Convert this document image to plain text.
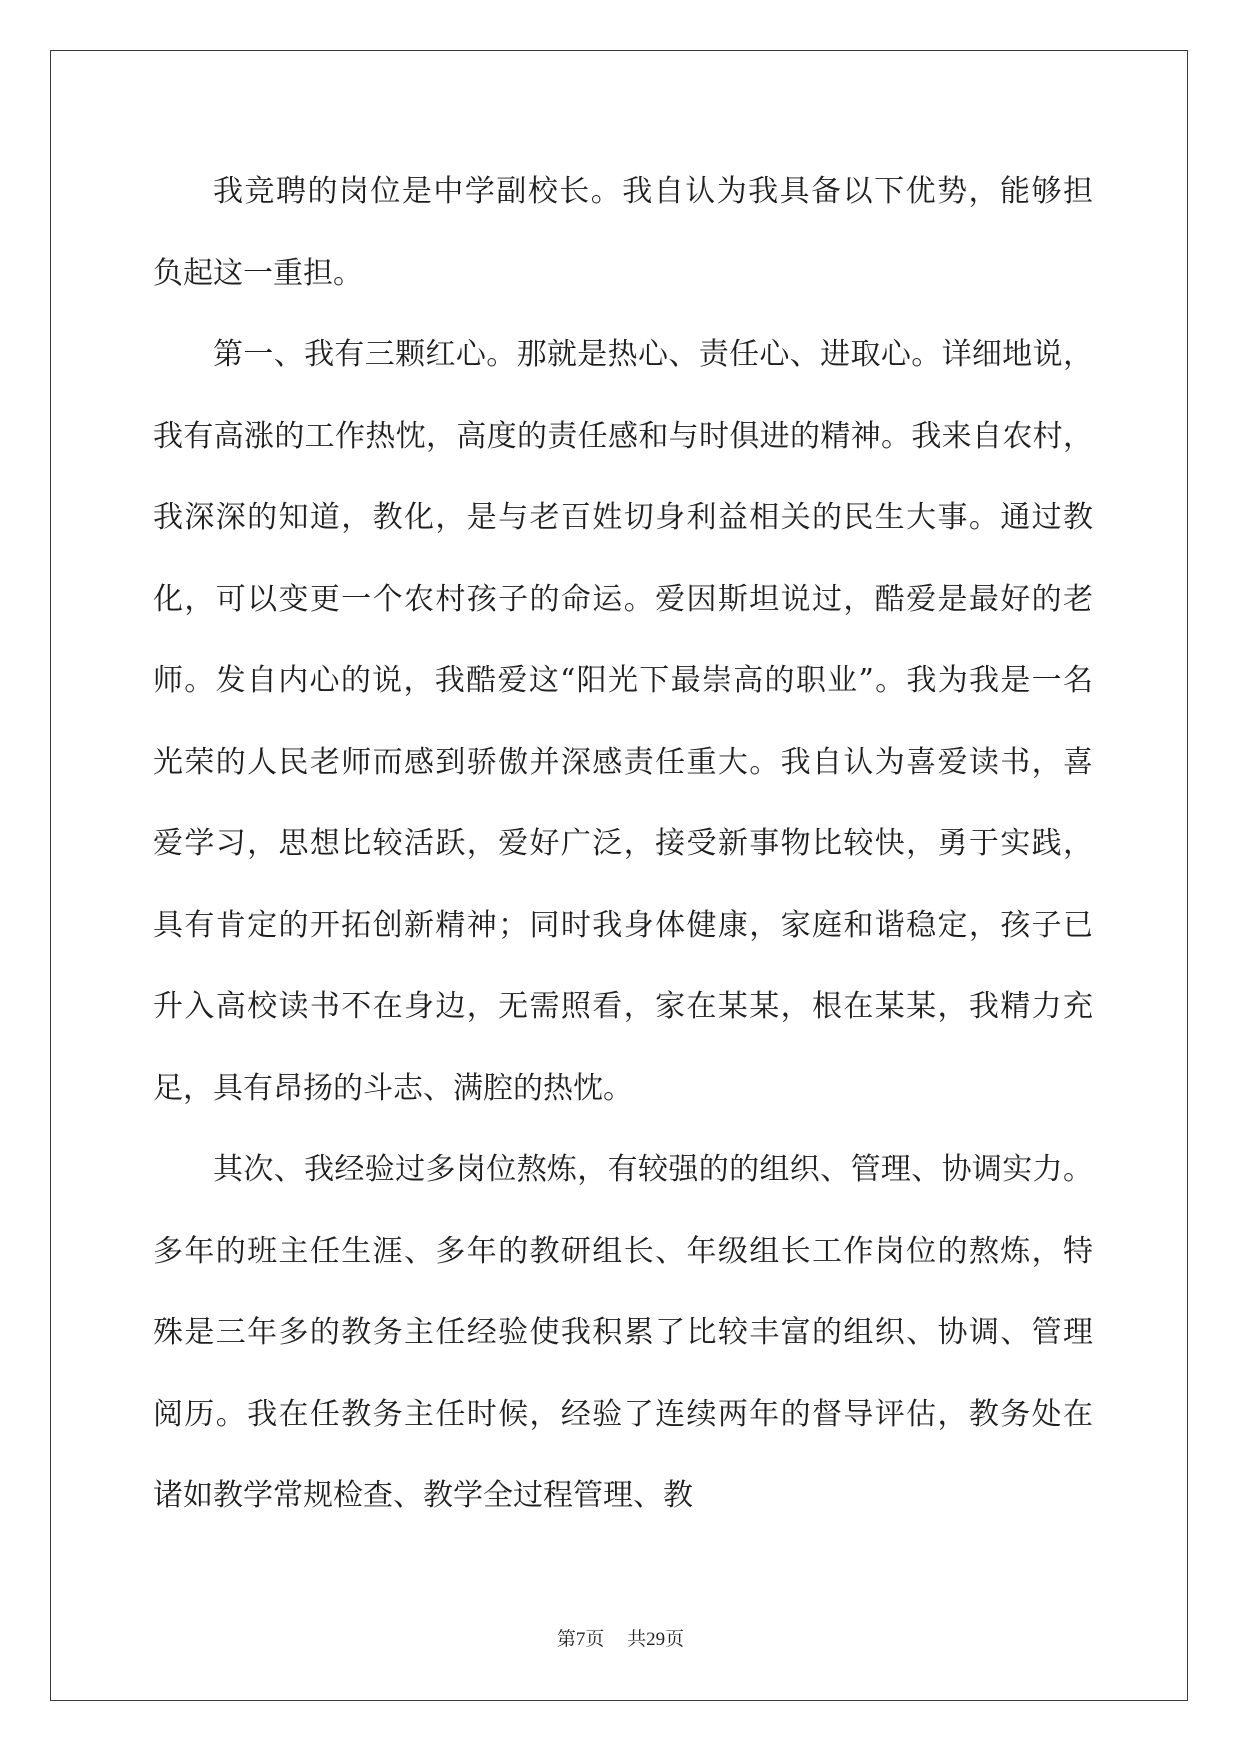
我竞聘的岗位是中学副校长。我自认为我具备以下优势，能够担
负起这一重担。
第一、我有三颗红心。那就是热心、责任心、进取心。详细地说，
我有高涨的工作热忱，高度的责任感和与时俱进的精神。我来自农村，
我深深的知道，教化，是与老百姓切身利益相关的民生大事。通过教
化，可以变更一个农村孩子的命运。爱因斯坦说过，酷爱是最好的老
师。发自内心的说，我酷爱这“阳光下最崇高的职业”。我为我是一名
光荣的人民老师而感到骄傲并深感责任重大。我自认为喜爱读书，喜
爱学习，思想比较活跃，爱好广泛，接受新事物比较快，勇于实践，
具有肯定的开拓创新精神；同时我身体健康，家庭和谐稳定，孩子已
升入高校读书不在身边，无需照看，家在某某，根在某某，我精力充
足，具有昂扬的斗志、满腔的热忱。
其次、我经验过多岗位熬炼，有较强的的组织、管理、协调实力。
多年的班主任生涯、多年的教研组长、年级组长工作岗位的熬炼，特
殊是三年多的教务主任经验使我积累了比较丰富的组织、协调、管理
阅历。我在任教务主任时候，经验了连续两年的督导评估，教务处在
诸如教学常规检查、教学全过程管理、教
第7页 共29页
